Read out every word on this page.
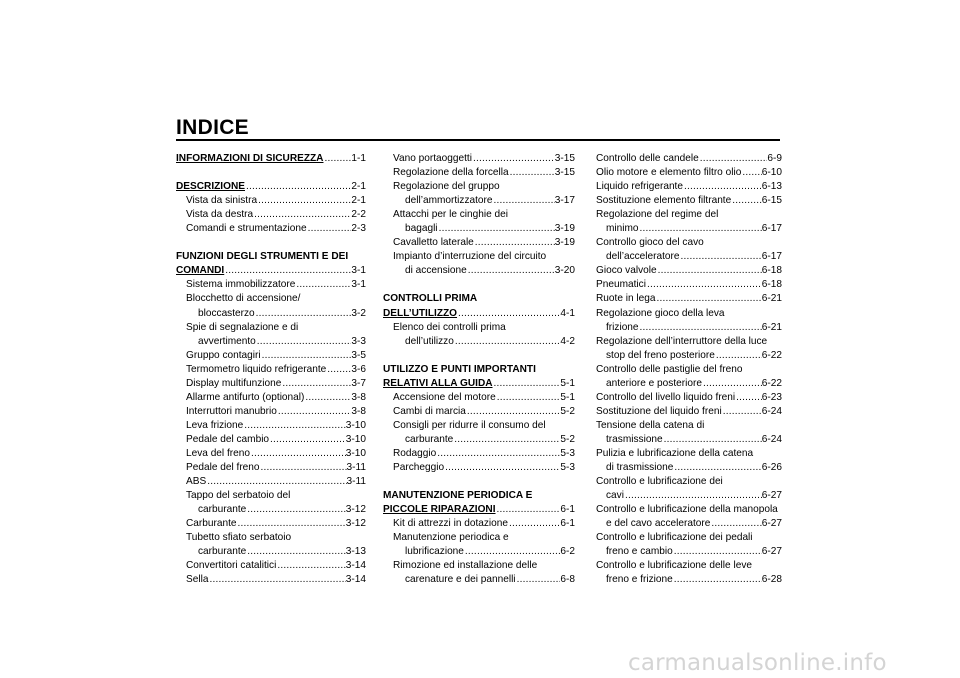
INDICE
INFORMAZIONI DI SICUREZZA .....	1-1
DESCRIZIONE .....	2-1
Vista da sinistra .....	2-1
Vista da destra .....	2-2
Comandi e strumentazione .....	2-3
FUNZIONI DEGLI STRUMENTI E DEI
COMANDI .....	3-1
Sistema immobilizzatore .....	3-1
Blocchetto di accensione/
bloccasterzo .....	3-2
Spie di segnalazione e di
avvertimento .....	3-3
Gruppo contagiri .....	3-5
Termometro liquido refrigerante ..... 3-6
Display multifunzione .....	3-7
Allarme antifurto (optional) .....	3-8
Interruttori manubrio .....	3-8
Leva frizione .....	3-10
Pedale del cambio .....	3-10
Leva del freno .....	3-10
Pedale del freno .....	3-11
ABS .....	3-11
Tappo del serbatoio del
carburante .....	3-12
Carburante .....	3-12
Tubetto sfiato serbatoio
carburante .....	3-13
Convertitori catalitici .....	3-14
Sella .....	3-14
Vano portaoggetti .....	3-15
Regolazione della forcella .....	3-15
Regolazione del gruppo
dell’ammortizzatore .....	3-17
Attacchi per le cinghie dei
bagagli .....	3-19
Cavalletto laterale .....	3-19
Impianto d’interruzione del circuito
di accensione .....	3-20
CONTROLLI PRIMA
DELL’UTILIZZO .....	4-1
Elenco dei controlli prima
dell’utilizzo .....	4-2
UTILIZZO E PUNTI IMPORTANTI
RELATIVI ALLA GUIDA .....	5-1
Accensione del motore .....	5-1
Cambi di marcia .....	5-2
Consigli per ridurre il consumo del
carburante .....	5-2
Rodaggio .....	5-3
Parcheggio .....	5-3
MANUTENZIONE PERIODICA E
PICCOLE RIPARAZIONI .....	6-1
Kit di attrezzi in dotazione .....	6-1
Manutenzione periodica e
lubrificazione .....	6-2
Rimozione ed installazione delle
carenature e dei pannelli .....	6-8
Controllo delle candele .....	6-9
Olio motore e elemento filtro olio ..... 6-10
Liquido refrigerante .....	6-13
Sostituzione elemento filtrante .....	6-15
Regolazione del regime del
minimo .....	6-17
Controllo gioco del cavo
dell’acceleratore .....	6-17
Gioco valvole .....	6-18
Pneumatici .....	6-18
Ruote in lega .....	6-21
Regolazione gioco della leva
frizione .....	6-21
Regolazione dell’interruttore della luce
stop del freno posteriore .....	6-22
Controllo delle pastiglie del freno
anteriore e posteriore .....	6-22
Controllo del livello liquido freni .....	6-23
Sostituzione del liquido freni .....	6-24
Tensione della catena di
trasmissione .....	6-24
Pulizia e lubrificazione della catena
di trasmissione .....	6-26
Controllo e lubrificazione dei
cavi .....	6-27
Controllo e lubrificazione della manopola
e del cavo acceleratore .....	6-27
Controllo e lubrificazione dei pedali
freno e cambio .....	6-27
Controllo e lubrificazione delle leve
freno e frizione .....	6-28
carmanualsonline.info
